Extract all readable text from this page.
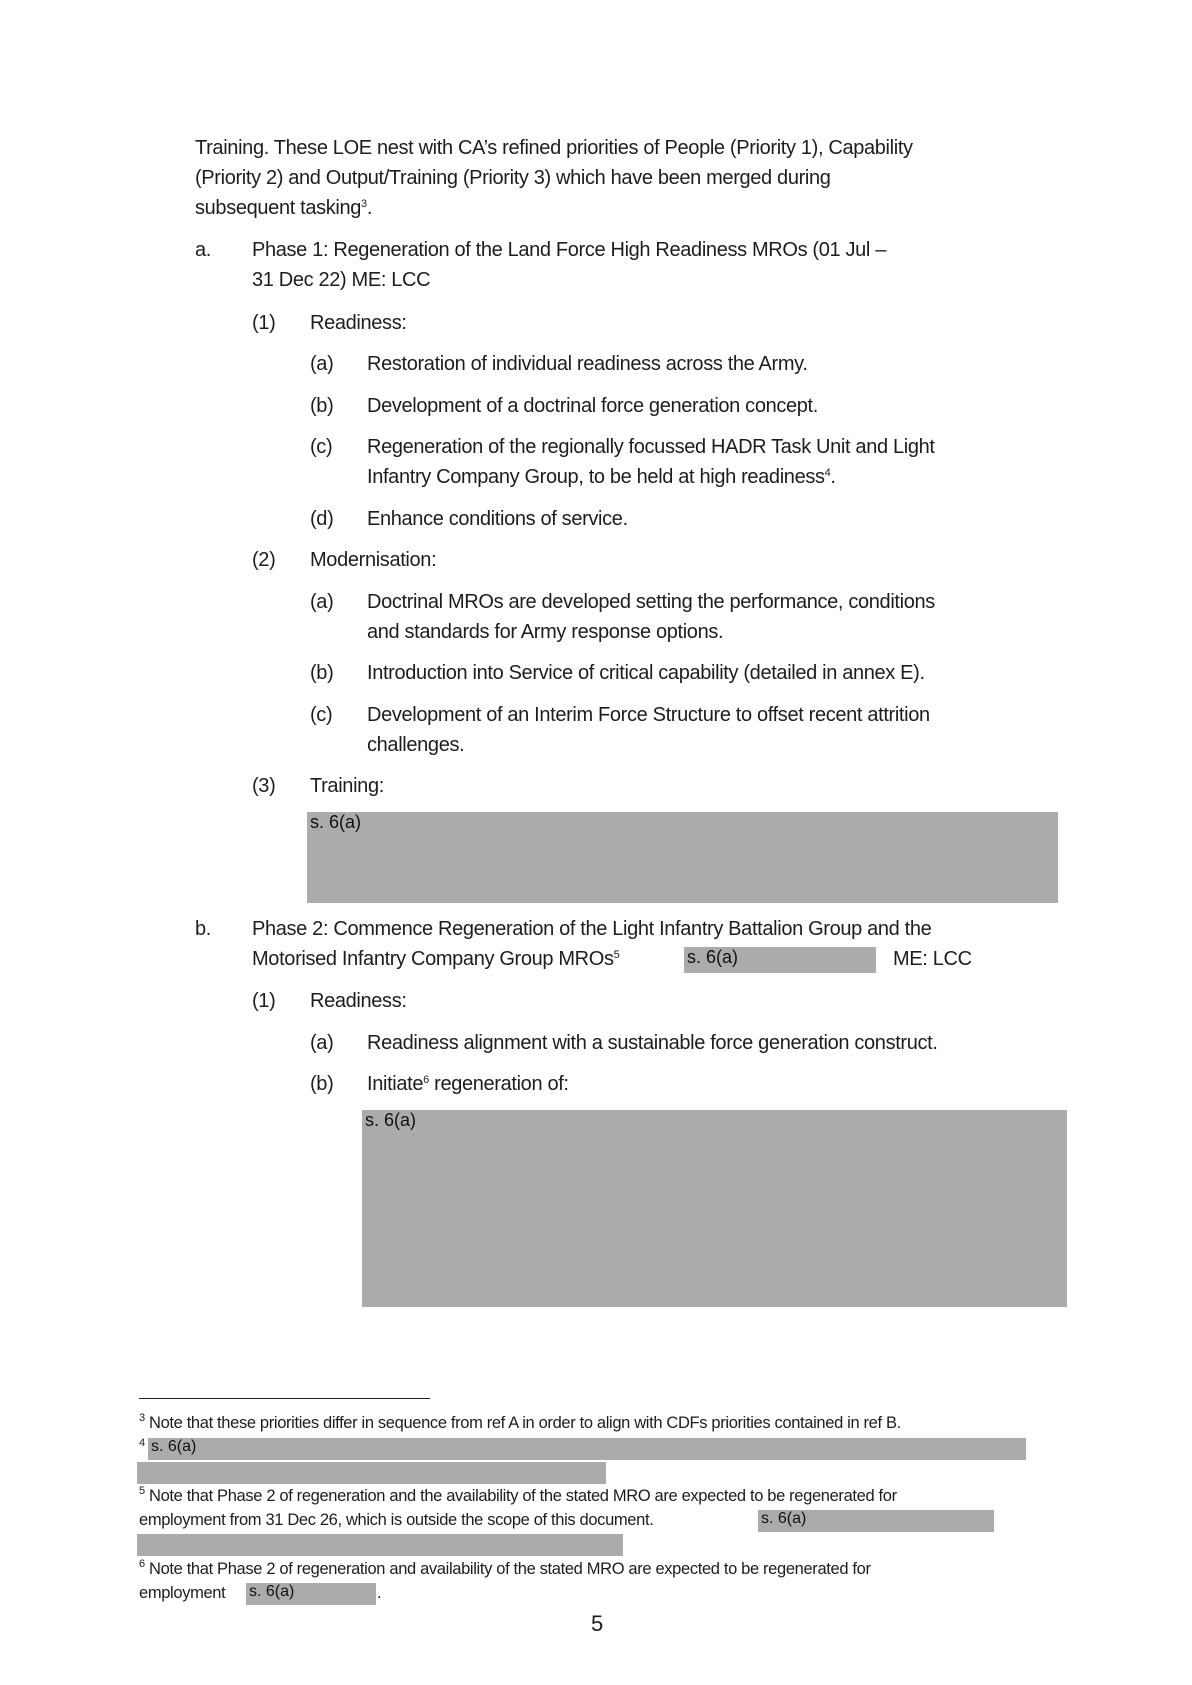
Training. These LOE nest with CA’s refined priorities of People (Priority 1), Capability
(Priority 2) and Output/Training (Priority 3) which have been merged during
subsequent tasking$^3$.
a. Phase 1: Regeneration of the Land Force High Readiness MROs (01 Jul –
31 Dec 22) ME: LCC
(1) Readiness:
(a) Restoration of individual readiness across the Army.
(b) Development of a doctrinal force generation concept.
(c) Regeneration of the regionally focussed HADR Task Unit and Light
Infantry Company Group, to be held at high readiness$^4$.
(d) Enhance conditions of service.
(2) Modernisation:
(a) Doctrinal MROs are developed setting the performance, conditions
and standards for Army response options.
(b) Introduction into Service of critical capability (detailed in annex E).
(c) Development of an Interim Force Structure to offset recent attrition
challenges.
(3) Training:
s. 6(a)
b. Phase 2: Commence Regeneration of the Light Infantry Battalion Group and the
Motorised Infantry Company Group MROs$^5$	s. 6(a)	ME: LCC
(1) Readiness:
(a) Readiness alignment with a sustainable force generation construct.
(b) Initiate$^6$ regeneration of:
s. 6(a)
$^3$ Note that these priorities differ in sequence from ref A in order to align with CDFs priorities contained in ref B.
$^4$ s. 6(a)
$^5$ Note that Phase 2 of regeneration and the availability of the stated MRO are expected to be regenerated for
employment from 31 Dec 26, which is outside the scope of this document.	s. 6(a)
$^6$ Note that Phase 2 of regeneration and availability of the stated MRO are expected to be regenerated for
employment s. 6(a)	.
5
